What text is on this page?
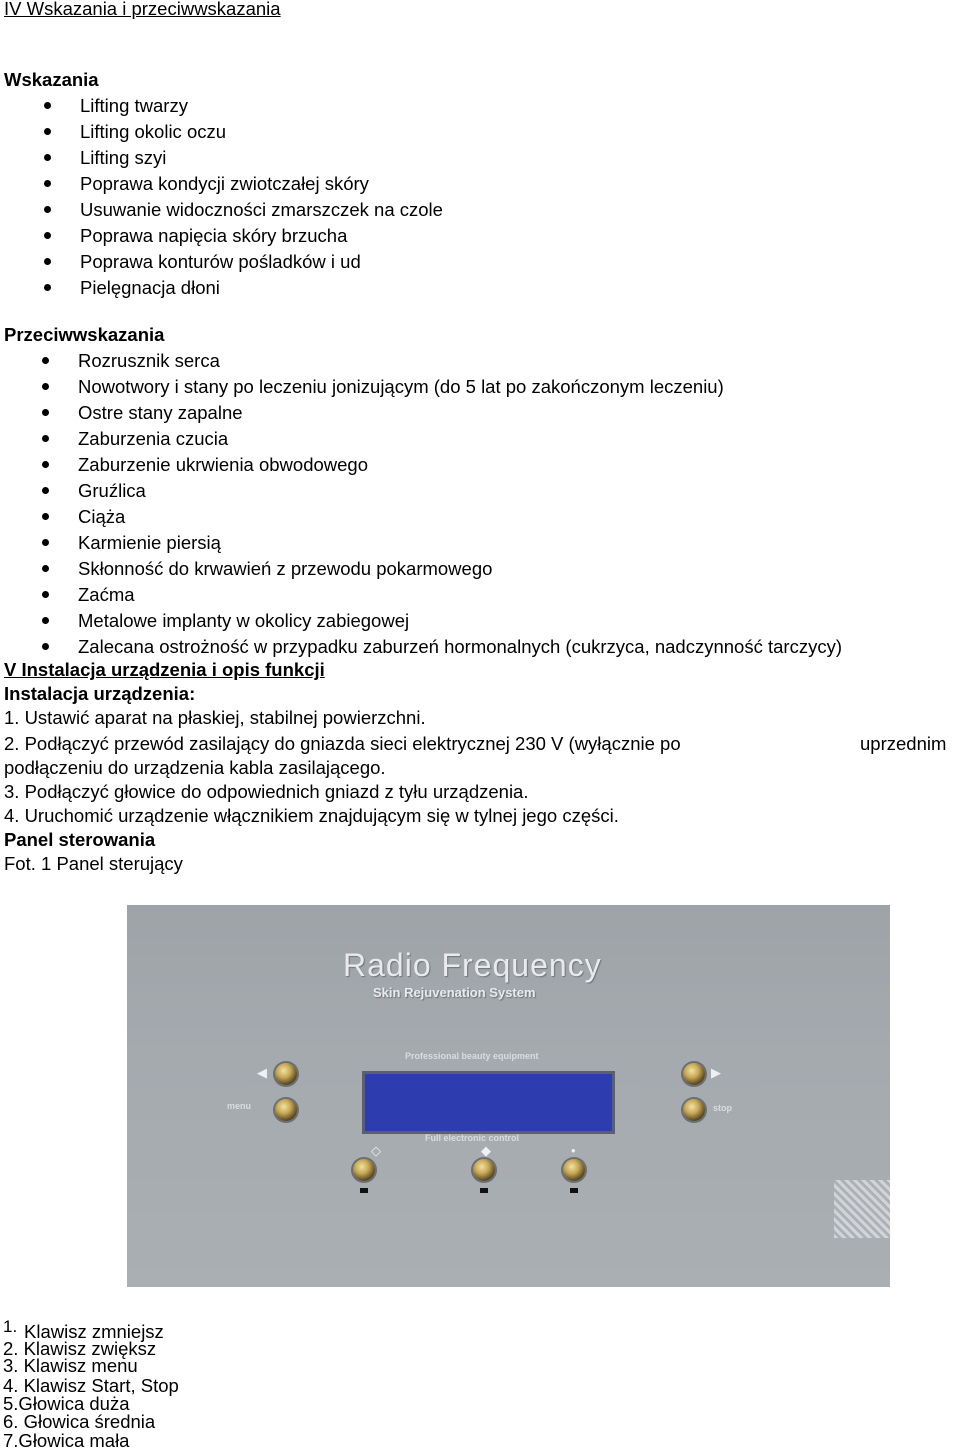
IV Wskazania i przeciwwskazania
Wskazania
Lifting twarzy
Lifting okolic oczu
Lifting szyi
Poprawa kondycji zwiotczałej skóry
Usuwanie widoczności zmarszczek na czole
Poprawa napięcia skóry brzucha
Poprawa konturów pośladków i ud
Pielęgnacja dłoni
Przeciwwskazania
Rozrusznik serca
Nowotwory i stany po leczeniu jonizującym (do 5 lat po zakończonym leczeniu)
Ostre stany zapalne
Zaburzenia czucia
Zaburzenie ukrwienia obwodowego
Gruźlica
Ciąża
Karmienie piersią
Skłonność do krwawień z przewodu pokarmowego
Zaćma
Metalowe implanty w okolicy zabiegowej
Zalecana ostrożność w przypadku zaburzeń hormonalnych (cukrzyca, nadczynność tarczycy)
V Instalacja urządzenia i opis funkcji
Instalacja urządzenia:
1. Ustawić aparat na płaskiej, stabilnej powierzchni.
2. Podłączyć przewód zasilający do gniazda sieci elektrycznej 230 V (wyłącznie po	uprzednim
podłączeniu do urządzenia kabla zasilającego.
3. Podłączyć głowice do odpowiednich gniazd z tyłu urządzenia.
4. Uruchomić urządzenie włącznikiem znajdującym się w tylnej jego części.
Panel sterowania
Fot. 1 Panel sterujący
Radio Frequency
Skin Rejuvenation System
Professional beauty equipment
Full electronic control
◀	▶
menu	stop
◇	◆	•
1. Klawisz zmniejsz
2. Klawisz zwiększ
3. Klawisz menu
4. Klawisz Start, Stop
5.Głowica duża
6. Głowica średnia
7.Głowica mała
